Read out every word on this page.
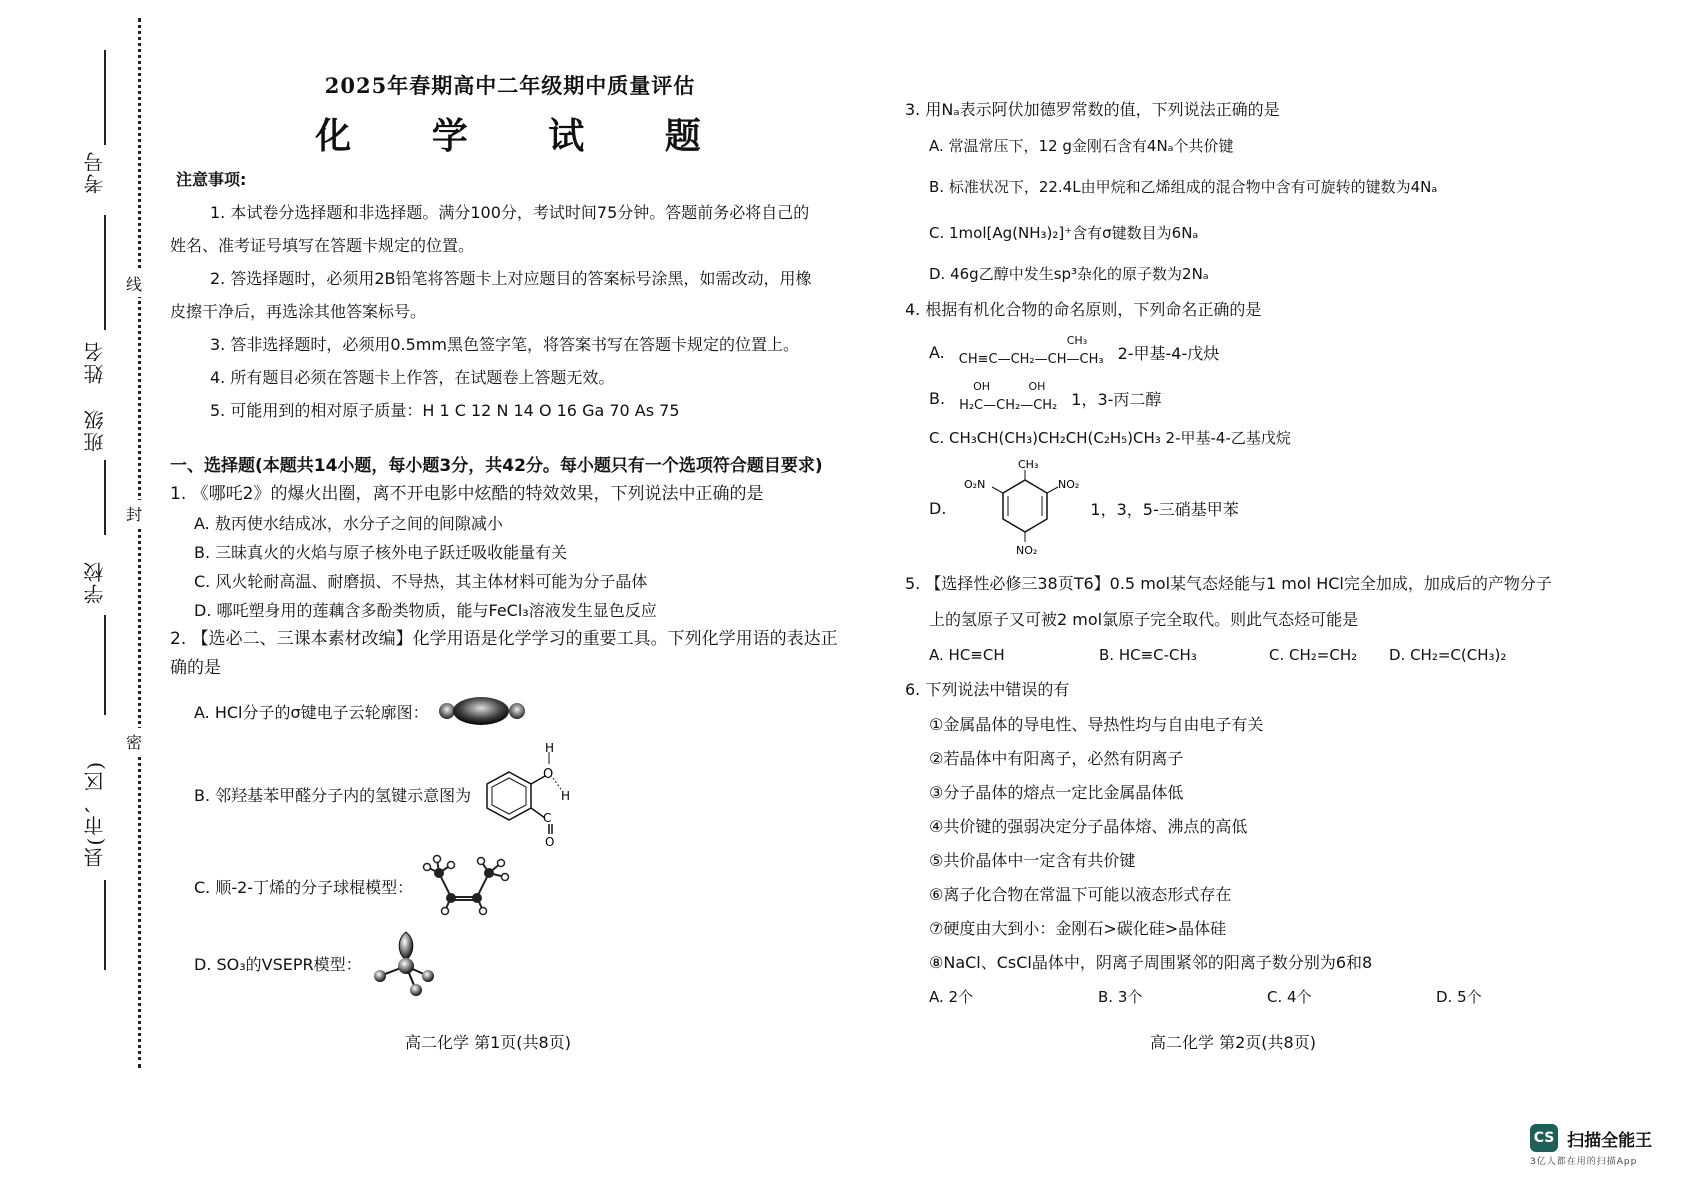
线
封
密
考号
姓名
班级
学校
县(市、区)

2025年春期高中二年级期中质量评估

化 学 试 题

注意事项:

1. 本试卷分选择题和非选择题。满分100分，考试时间75分钟。答题前务必将自己的

姓名、准考证号填写在答题卡规定的位置。

2. 答选择题时，必须用2B铅笔将答题卡上对应题目的答案标号涂黑，如需改动，用橡

皮擦干净后，再选涂其他答案标号。

3. 答非选择题时，必须用0.5mm黑色签字笔，将答案书写在答题卡规定的位置上。

4. 所有题目必须在答题卡上作答，在试题卷上答题无效。

5. 可能用到的相对原子质量：H 1 C 12 N 14 O 16 Ga 70 As 75

一、选择题(本题共14小题，每小题3分，共42分。每小题只有一个选项符合题目要求)

1. 《哪吒2》的爆火出圈，离不开电影中炫酷的特效效果，下列说法中正确的是

A. 敖丙使水结成冰，水分子之间的间隙减小

B. 三昧真火的火焰与原子核外电子跃迁吸收能量有关

C. 风火轮耐高温、耐磨损、不导热，其主体材料可能为分子晶体

D. 哪吒塑身用的莲藕含多酚类物质，能与FeCl₃溶液发生显色反应

2. 【选必二、三课本素材改编】化学用语是化学学习的重要工具。下列化学用语的表达正

确的是

A. HCl分子的σ键电子云轮廓图：
B. 邻羟基苯甲醛分子内的氢键示意图为
O
H
H
C
O
C. 顺-2-丁烯的分子球棍模型：
D. SO₃的VSEPR模型：
高二化学 第1页(共8页)

3. 用Nₐ表示阿伏加德罗常数的值，下列说法正确的是

A. 常温常压下，12 g金刚石含有4Nₐ个共价键

B. 标准状况下，22.4L由甲烷和乙烯组成的混合物中含有可旋转的键数为4Nₐ

C. 1mol[Ag(NH₃)₂]⁺含有σ键数目为6Nₐ

D. 46g乙醇中发生sp³杂化的原子数为2Nₐ

4. 根据有机化合物的命名原则，下列命名正确的是

A.
CH₃
CH≡C—CH₂—CH—CH₃ 2-甲基-4-戊炔
B.
OH           OH
H₂C—CH₂—CH₂ 1，3-丙二醇

C. CH₃CH(CH₃)CH₂CH(C₂H₅)CH₃ 2-甲基-4-乙基戊烷

D.
CH₃
O₂N	NO₂
NO₂
1，3，5-三硝基甲苯

5. 【选择性必修三38页T6】0.5 mol某气态烃能与1 mol HCl完全加成，加成后的产物分子

上的氢原子又可被2 mol氯原子完全取代。则此气态烃可能是

A. HC≡CH	B. HC≡C-CH₃	C. CH₂=CH₂	D. CH₂=C(CH₃)₂

6. 下列说法中错误的有

①金属晶体的导电性、导热性均与自由电子有关

②若晶体中有阳离子，必然有阴离子

③分子晶体的熔点一定比金属晶体低

④共价键的强弱决定分子晶体熔、沸点的高低

⑤共价晶体中一定含有共价键

⑥离子化合物在常温下可能以液态形式存在

⑦硬度由大到小：金刚石>碳化硅>晶体硅

⑧NaCl、CsCl晶体中，阴离子周围紧邻的阳离子数分别为6和8

A. 2个	B. 3个	C. 4个	D. 5个
高二化学 第2页(共8页)
CS 扫描全能王
3亿人都在用的扫描App
